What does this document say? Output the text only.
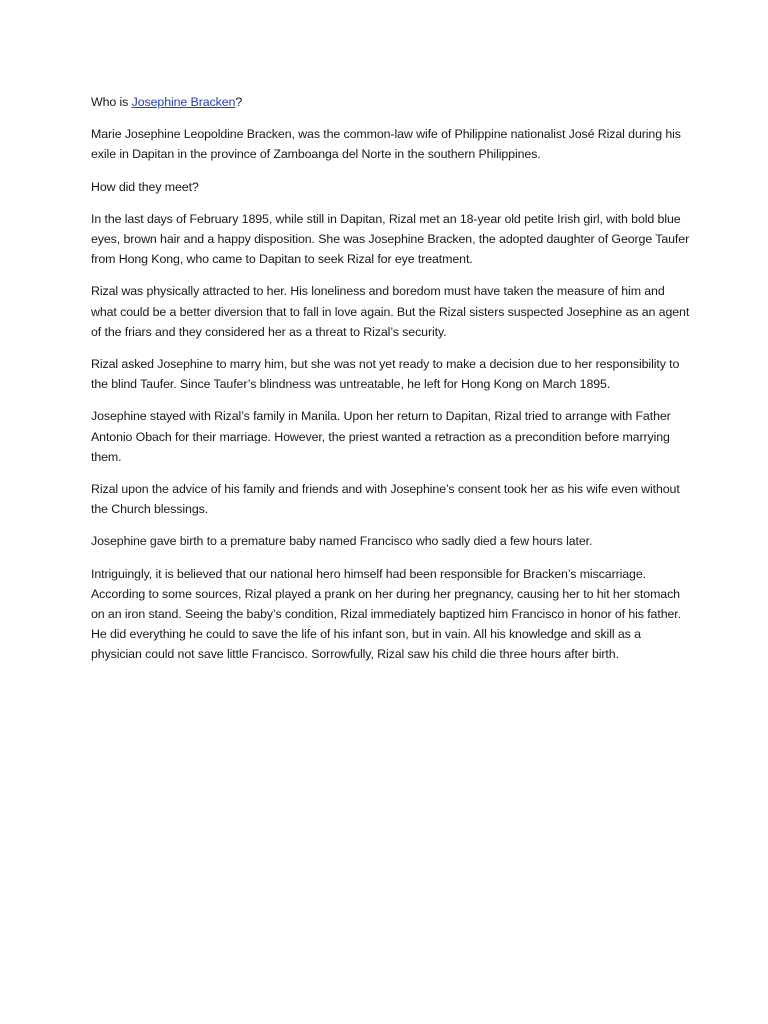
Who is Josephine Bracken?

Marie Josephine Leopoldine Bracken, was the common-law wife of Philippine nationalist José Rizal during his exile in Dapitan in the province of Zamboanga del Norte in the southern Philippines.

How did they meet?

In the last days of February 1895, while still in Dapitan, Rizal met an 18-year old petite Irish girl, with bold blue eyes, brown hair and a happy disposition. She was Josephine Bracken, the adopted daughter of George Taufer from Hong Kong, who came to Dapitan to seek Rizal for eye treatment.

Rizal was physically attracted to her. His loneliness and boredom must have taken the measure of him and what could be a better diversion that to fall in love again. But the Rizal sisters suspected Josephine as an agent of the friars and they considered her as a threat to Rizal’s security.

Rizal asked Josephine to marry him, but she was not yet ready to make a decision due to her responsibility to the blind Taufer. Since Taufer’s blindness was untreatable, he left for Hong Kong on March 1895.

Josephine stayed with Rizal’s family in Manila. Upon her return to Dapitan, Rizal tried to arrange with Father Antonio Obach for their marriage. However, the priest wanted a retraction as a precondition before marrying them.

Rizal upon the advice of his family and friends and with Josephine’s consent took her as his wife even without the Church blessings.

Josephine gave birth to a premature baby named Francisco who sadly died a few hours later.

Intriguingly, it is believed that our national hero himself had been responsible for Bracken’s miscarriage. According to some sources, Rizal played a prank on her during her pregnancy, causing her to hit her stomach on an iron stand. Seeing the baby’s condition, Rizal immediately baptized him Francisco in honor of his father. He did everything he could to save the life of his infant son, but in vain. All his knowledge and skill as a physician could not save little Francisco. Sorrowfully, Rizal saw his child die three hours after birth.
